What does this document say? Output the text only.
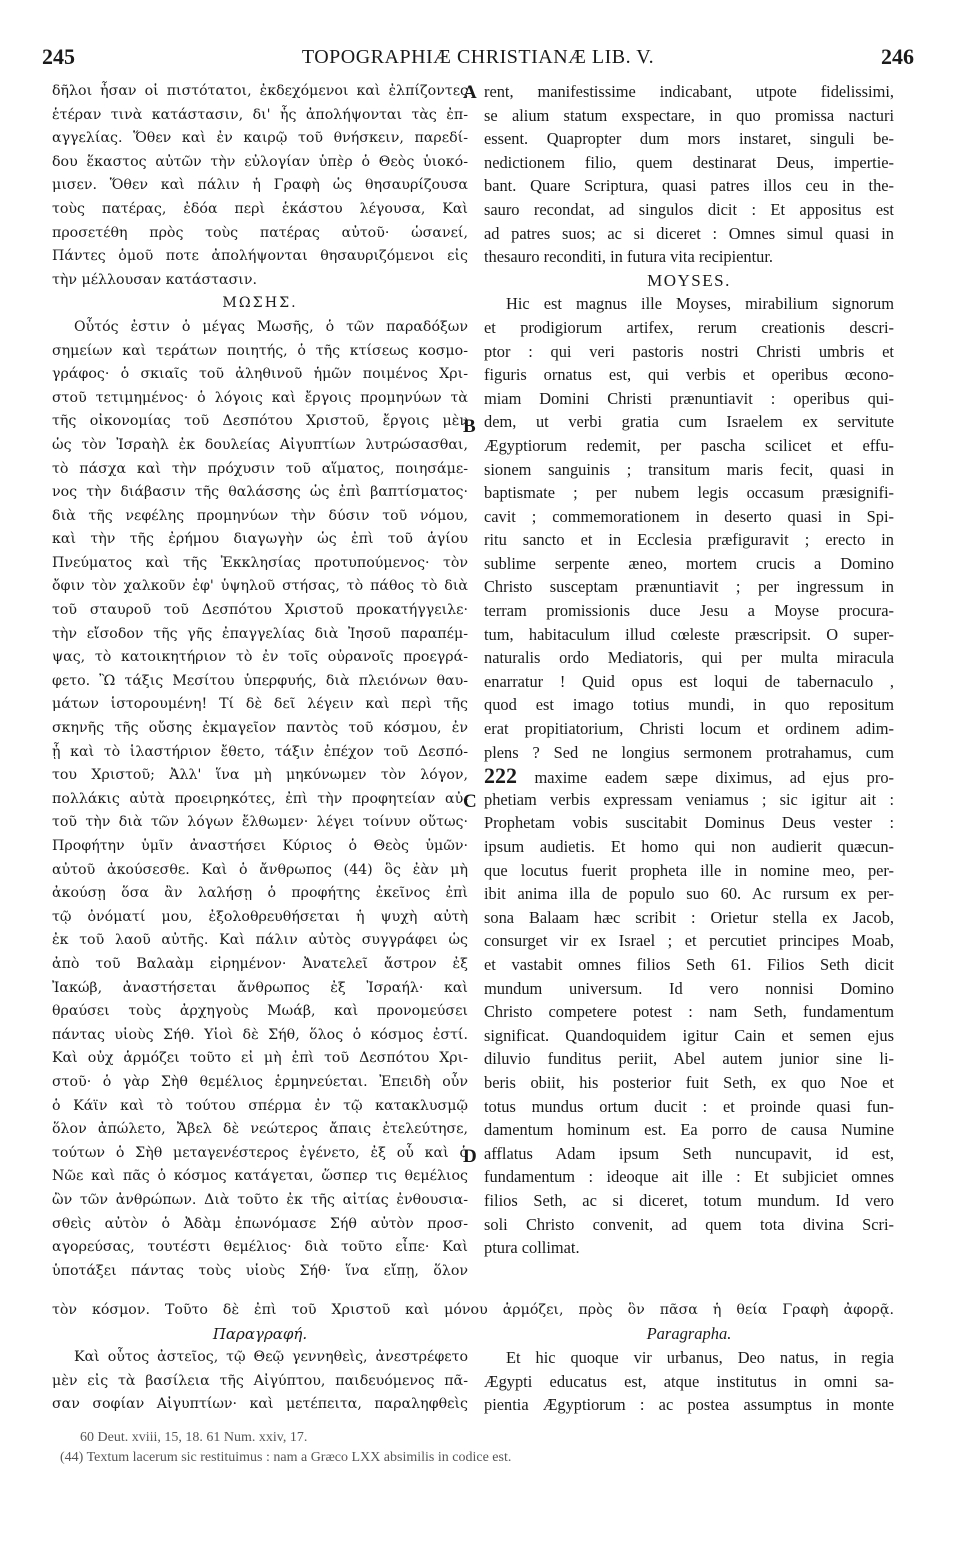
245	TOPOGRAPHIÆ CHRISTIANÆ LIB. V.	246
δῆλοι ἦσαν οἱ πιστότατοι, ἐκδεχόμενοι καὶ ἐλπίζοντες
ἑτέραν τινὰ κατάστασιν, δι' ἧς ἀπολήψονται τὰς ἐπ-
αγγελίας. Ὅθεν καὶ ἐν καιρῷ τοῦ θνήσκειν, παρεδί-
δου ἕκαστος αὐτῶν τὴν εὐλογίαν ὑπὲρ ὁ Θεὸς ὑιοκό-
μισεν. Ὅθεν καὶ πάλιν ἡ Γραφὴ ὡς θησαυρίζουσα
τοὺς πατέρας, ἐδόα περὶ ἑκάστου λέγουσα, Καὶ
προσετέθη πρὸς τοὺς πατέρας αὐτοῦ· ὡσανεί,
Πάντες ὁμοῦ ποτε ἀπολήψονται θησαυριζόμενοι εἰς
τὴν μέλλουσαν κατάστασιν.
ΜΩΣΗΣ.
Οὗτός ἐστιν ὁ μέγας Μωσῆς, ὁ τῶν παραδόξων
σημείων καὶ τεράτων ποιητής, ὁ τῆς κτίσεως κοσμο-
γράφος· ὁ σκιαῖς τοῦ ἀληθινοῦ ἡμῶν ποιμένος Χρι-
στοῦ τετιμημένος· ὁ λόγοις καὶ ἔργοις προμηνύων τὰ
τῆς οἰκονομίας τοῦ Δεσπότου Χριστοῦ, ἔργοις μὲν
ὡς τὸν Ἰσραὴλ ἐκ δουλείας Αἰγυπτίων λυτρώσασθαι,
τὸ πάσχα καὶ τὴν πρόχυσιν τοῦ αἵματος, ποιησάμε-
νος τὴν διάβασιν τῆς θαλάσσης ὡς ἐπὶ βαπτίσματος·
διὰ τῆς νεφέλης προμηνύων τὴν δύσιν τοῦ νόμου,
καὶ τὴν τῆς ἐρήμου διαγωγὴν ὡς ἐπὶ τοῦ ἁγίου
Πνεύματος καὶ τῆς Ἐκκλησίας προτυπούμενος· τὸν
ὄφιν τὸν χαλκοῦν ἐφ' ὑψηλοῦ στήσας, τὸ πάθος τὸ διὰ
τοῦ σταυροῦ τοῦ Δεσπότου Χριστοῦ προκατήγγειλε·
τὴν εἴσοδον τῆς γῆς ἐπαγγελίας διὰ Ἰησοῦ παραπέμ-
ψας, τὸ κατοικητήριον τὸ ἐν τοῖς οὐρανοῖς προεγρά-
φετο. Ὢ τάξις Μεσίτου ὑπερφυής, διὰ πλειόνων θαυ-
μάτων ἱστορουμένη! Τί δὲ δεῖ λέγειν καὶ περὶ τῆς
σκηνῆς τῆς οὔσης ἐκμαγεῖον παντὸς τοῦ κόσμου, ἐν
ᾗ καὶ τὸ ἱλαστήριον ἔθετο, τάξιν ἐπέχον τοῦ Δεσπό-
του Χριστοῦ; Ἀλλ' ἵνα μὴ μηκύνωμεν τὸν λόγον,
πολλάκις αὐτὰ προειρηκότες, ἐπὶ τὴν προφητείαν αὐ-
τοῦ τὴν διὰ τῶν λόγων ἔλθωμεν· λέγει τοίνυν οὕτως·
Προφήτην ὑμῖν ἀναστήσει Κύριος ὁ Θεὸς ὑμῶν·
αὐτοῦ ἀκούσεσθε. Καὶ ὁ ἄνθρωπος (44) ὃς ἐὰν μὴ
ἀκούσῃ ὅσα ἂν λαλήσῃ ὁ προφήτης ἐκεῖνος ἐπὶ
τῷ ὀνόματί μου, ἐξολοθρευθήσεται ἡ ψυχὴ αὐτὴ
ἐκ τοῦ λαοῦ αὐτῆς. Καὶ πάλιν αὐτὸς συγγράφει ὡς
ἀπὸ τοῦ Βαλαὰμ εἰρημένον· Ἀνατελεῖ ἄστρον ἐξ
Ἰακώβ, ἀναστήσεται ἄνθρωπος ἐξ Ἰσραήλ· καὶ
θραύσει τοὺς ἀρχηγοὺς Μωάβ, καὶ προνομεύσει
πάντας υἱοὺς Σήθ. Υἱοὶ δὲ Σήθ, ὅλος ὁ κόσμος ἐστί.
Καὶ οὐχ ἁρμόζει τοῦτο εἰ μὴ ἐπὶ τοῦ Δεσπότου Χρι-
στοῦ· ὁ γὰρ Σὴθ θεμέλιος ἑρμηνεύεται. Ἐπειδὴ οὖν
ὁ Κάϊν καὶ τὸ τούτου σπέρμα ἐν τῷ κατακλυσμῷ
ὅλον ἀπώλετο, Ἄβελ δὲ νεώτερος ἄπαις ἐτελεύτησε,
τούτων ὁ Σὴθ μεταγενέστερος ἐγένετο, ἐξ οὗ καὶ ὁ
Νῶε καὶ πᾶς ὁ κόσμος κατάγεται, ὥσπερ τις θεμέλιος
ὢν τῶν ἀνθρώπων. Διὰ τοῦτο ἐκ τῆς αἰτίας ἐνθουσια-
σθεὶς αὐτὸν ὁ Ἀδὰμ ἐπωνόμασε Σήθ αὐτὸν προσ-
αγορεύσας, τουτέστι θεμέλιος· διὰ τοῦτο εἶπε· Καὶ
ὑποτάξει πάντας τοὺς υἱοὺς Σήθ· ἵνα εἴπῃ, ὅλον
rent, manifestissime indicabant, utpote fidelissimi,
se alium statum exspectare, in quo promissa nacturi
essent. Quapropter dum mors instaret, singuli be-
nedictionem filio, quem destinarat Deus, impertie-
bant. Quare Scriptura, quasi patres illos ceu in the-
sauro recondat, ad singulos dicit : Et appositus est
ad patres suos; ac si diceret : Omnes simul quasi in
thesauro reconditi, in futura vita recipientur.
MOYSES.
Hic est magnus ille Moyses, mirabilium signorum
et prodigiorum artifex, rerum creationis descri-
ptor : qui veri pastoris nostri Christi umbris et
figuris ornatus est, qui verbis et operibus œcono-
miam Domini Christi prænuntiavit : operibus qui-
dem, ut verbi gratia cum Israelem ex servitute
Ægyptiorum redemit, per pascha scilicet et effu-
sionem sanguinis ; transitum maris fecit, quasi in
baptismate ; per nubem legis occasum præsignifi-
cavit ; commemorationem in deserto quasi in Spi-
ritu sancto et in Ecclesia præfiguravit ; erecto in
sublime serpente æneo, mortem crucis a Domino
Christo susceptam prænuntiavit ; per ingressum in
terram promissionis duce Jesu a Moyse procura-
tum, habitaculum illud cœleste præscripsit. O super-
naturalis ordo Mediatoris, qui per multa miracula
enarratur ! Quid opus est loqui de tabernaculo ,
quod est imago totius mundi, in quo repositum
erat propitiatorium, Christi locum et ordinem adim-
plens ? Sed ne longius sermonem protrahamus, cum
222 maxime eadem sæpe diximus, ad ejus pro-
phetiam verbis expressam veniamus ; sic igitur ait :
Prophetam vobis suscitabit Dominus Deus vester :
ipsum audietis. Et homo qui non audierit quæcun-
que locutus fuerit propheta ille in nomine meo, per-
ibit anima illa de populo suo 60. Ac rursum ex per-
sona Balaam hæc scribit : Orietur stella ex Jacob,
consurget vir ex Israel ; et percutiet principes Moab,
et vastabit omnes filios Seth 61. Filios Seth dicit
mundum universum. Id vero nonnisi Domino
Christo competere potest : nam Seth, fundamentum
significat. Quandoquidem igitur Cain et semen ejus
diluvio funditus periit, Abel autem junior sine li-
beris obiit, his posterior fuit Seth, ex quo Noe et
totus mundus ortum ducit : et proinde quasi fun-
damentum hominum est. Ea porro de causa Numine
afflatus Adam ipsum Seth nuncupavit, id est,
fundamentum : ideoque ait ille : Et subjiciet omnes
filios Seth, ac si diceret, totum mundum. Id vero
soli Christo convenit, ad quem tota divina Scri-
ptura collimat.
A
B
C
D
τὸν κόσμον. Τοῦτο δὲ ἐπὶ τοῦ Χριστοῦ καὶ μόνου ἁρμόζει, πρὸς ὃν πᾶσα ἡ θεία Γραφὴ ἀφορᾷ.
Παραγραφή.	Paragrapha.
Καὶ οὗτος ἀστεῖος, τῷ Θεῷ γεννηθεὶς, ἀνεστρέφετο
μὲν εἰς τὰ βασίλεια τῆς Αἰγύπτου, παιδευόμενος πᾶ-
σαν σοφίαν Αἰγυπτίων· καὶ μετέπειτα, παραληφθεὶς
Et hic quoque vir urbanus, Deo natus, in regia
Ægypti educatus est, atque institutus in omni sa-
pientia Ægyptiorum : ac postea assumptus in monte
60 Deut. xviii, 15, 18. 61 Num. xxiv, 17.
(44) Textum lacerum sic restituimus : nam a Græco LXX absimilis in codice est.
